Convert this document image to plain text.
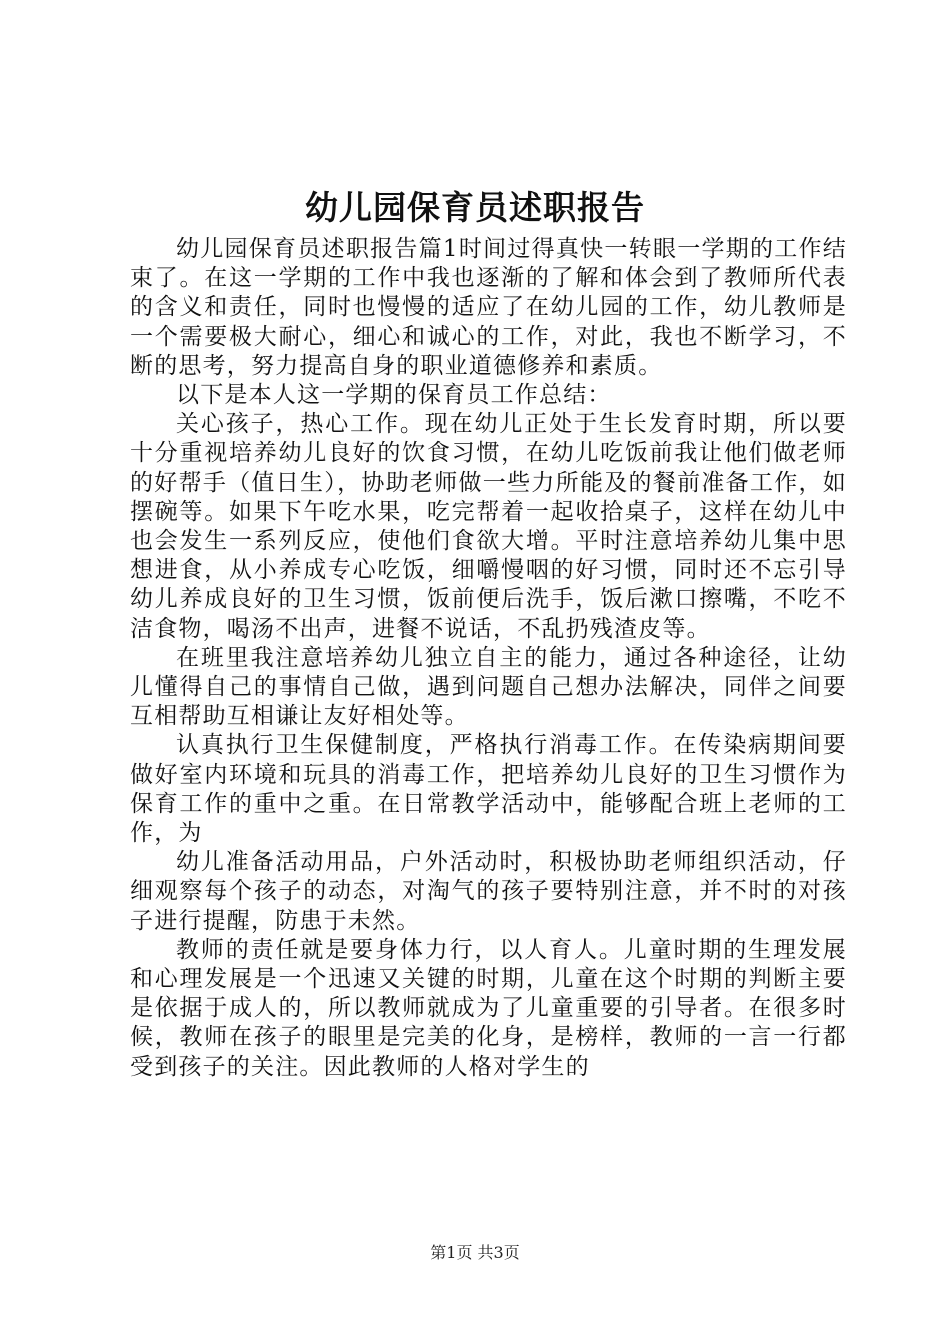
幼儿园保育员述职报告

幼儿园保育员述职报告篇1时间过得真快一转眼一学期的工作结束了。在这一学期的工作中我也逐渐的了解和体会到了教师所代表的含义和责任，同时也慢慢的适应了在幼儿园的工作，幼儿教师是一个需要极大耐心，细心和诚心的工作，对此，我也不断学习，不断的思考，努力提高自身的职业道德修养和素质。

以下是本人这一学期的保育员工作总结：

关心孩子，热心工作。现在幼儿正处于生长发育时期，所以要十分重视培养幼儿良好的饮食习惯，在幼儿吃饭前我让他们做老师的好帮手（值日生），协助老师做一些力所能及的餐前准备工作，如摆碗等。如果下午吃水果，吃完帮着一起收拾桌子，这样在幼儿中也会发生一系列反应，使他们食欲大增。平时注意培养幼儿集中思想进食，从小养成专心吃饭，细嚼慢咽的好习惯，同时还不忘引导幼儿养成良好的卫生习惯，饭前便后洗手，饭后漱口擦嘴，不吃不洁食物，喝汤不出声，进餐不说话，不乱扔残渣皮等。

在班里我注意培养幼儿独立自主的能力，通过各种途径，让幼儿懂得自己的事情自己做，遇到问题自己想办法解决，同伴之间要互相帮助互相谦让友好相处等。

认真执行卫生保健制度，严格执行消毒工作。在传染病期间要做好室内环境和玩具的消毒工作，把培养幼儿良好的卫生习惯作为保育工作的重中之重。在日常教学活动中，能够配合班上老师的工作，为

幼儿准备活动用品，户外活动时，积极协助老师组织活动，仔细观察每个孩子的动态，对淘气的孩子要特别注意，并不时的对孩子进行提醒，防患于未然。

教师的责任就是要身体力行，以人育人。儿童时期的生理发展和心理发展是一个迅速又关键的时期，儿童在这个时期的判断主要是依据于成人的，所以教师就成为了儿童重要的引导者。在很多时候，教师在孩子的眼里是完美的化身，是榜样，教师的一言一行都受到孩子的关注。因此教师的人格对学生的

第1页 共3页
